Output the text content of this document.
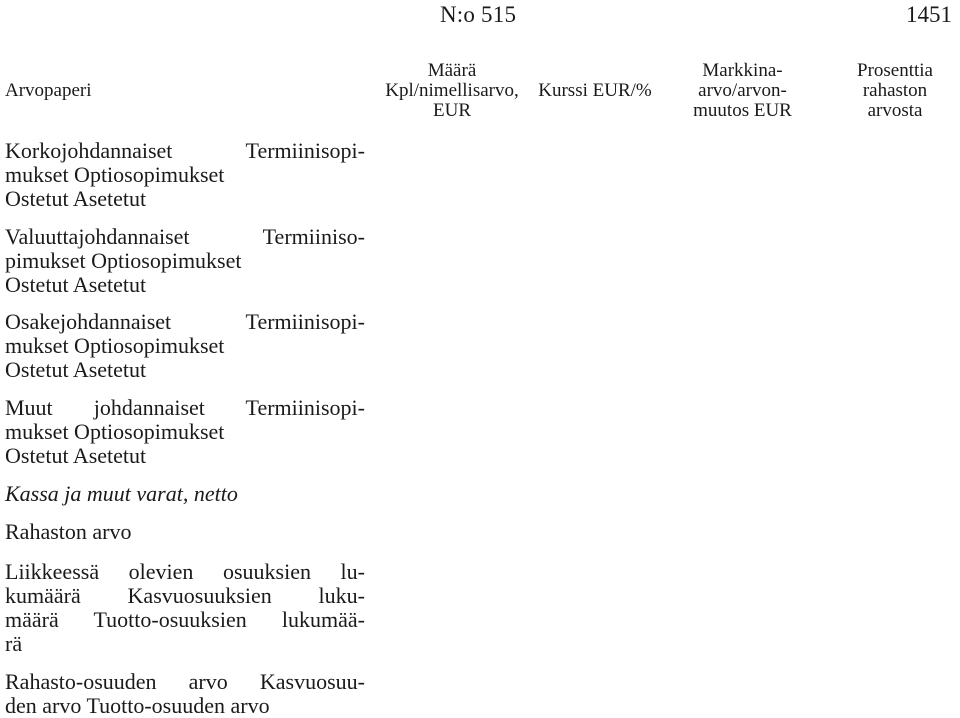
N:o 515	1451
Arvopaperi
Määrä
Kpl/nimellisarvo,
EUR
Kurssi EUR/%
Markkina-
arvo/arvon-
muutos EUR
Prosenttia
rahaston
arvosta
Korkojohdannaiset Termiinisopi-
mukset Optiosopimukset
Ostetut Asetetut
Valuuttajohdannaiset Termiiniso-
pimukset Optiosopimukset
Ostetut Asetetut
Osakejohdannaiset Termiinisopi-
mukset Optiosopimukset
Ostetut Asetetut
Muut johdannaiset Termiinisopi-
mukset Optiosopimukset
Ostetut Asetetut
Kassa ja muut varat, netto
Rahaston arvo
Liikkeessä olevien osuuksien lu-
kumäärä Kasvuosuuksien luku-
määrä Tuotto-osuuksien lukumää-
rä
Rahasto-osuuden arvo Kasvuosuu-
den arvo Tuotto-osuuden arvo
